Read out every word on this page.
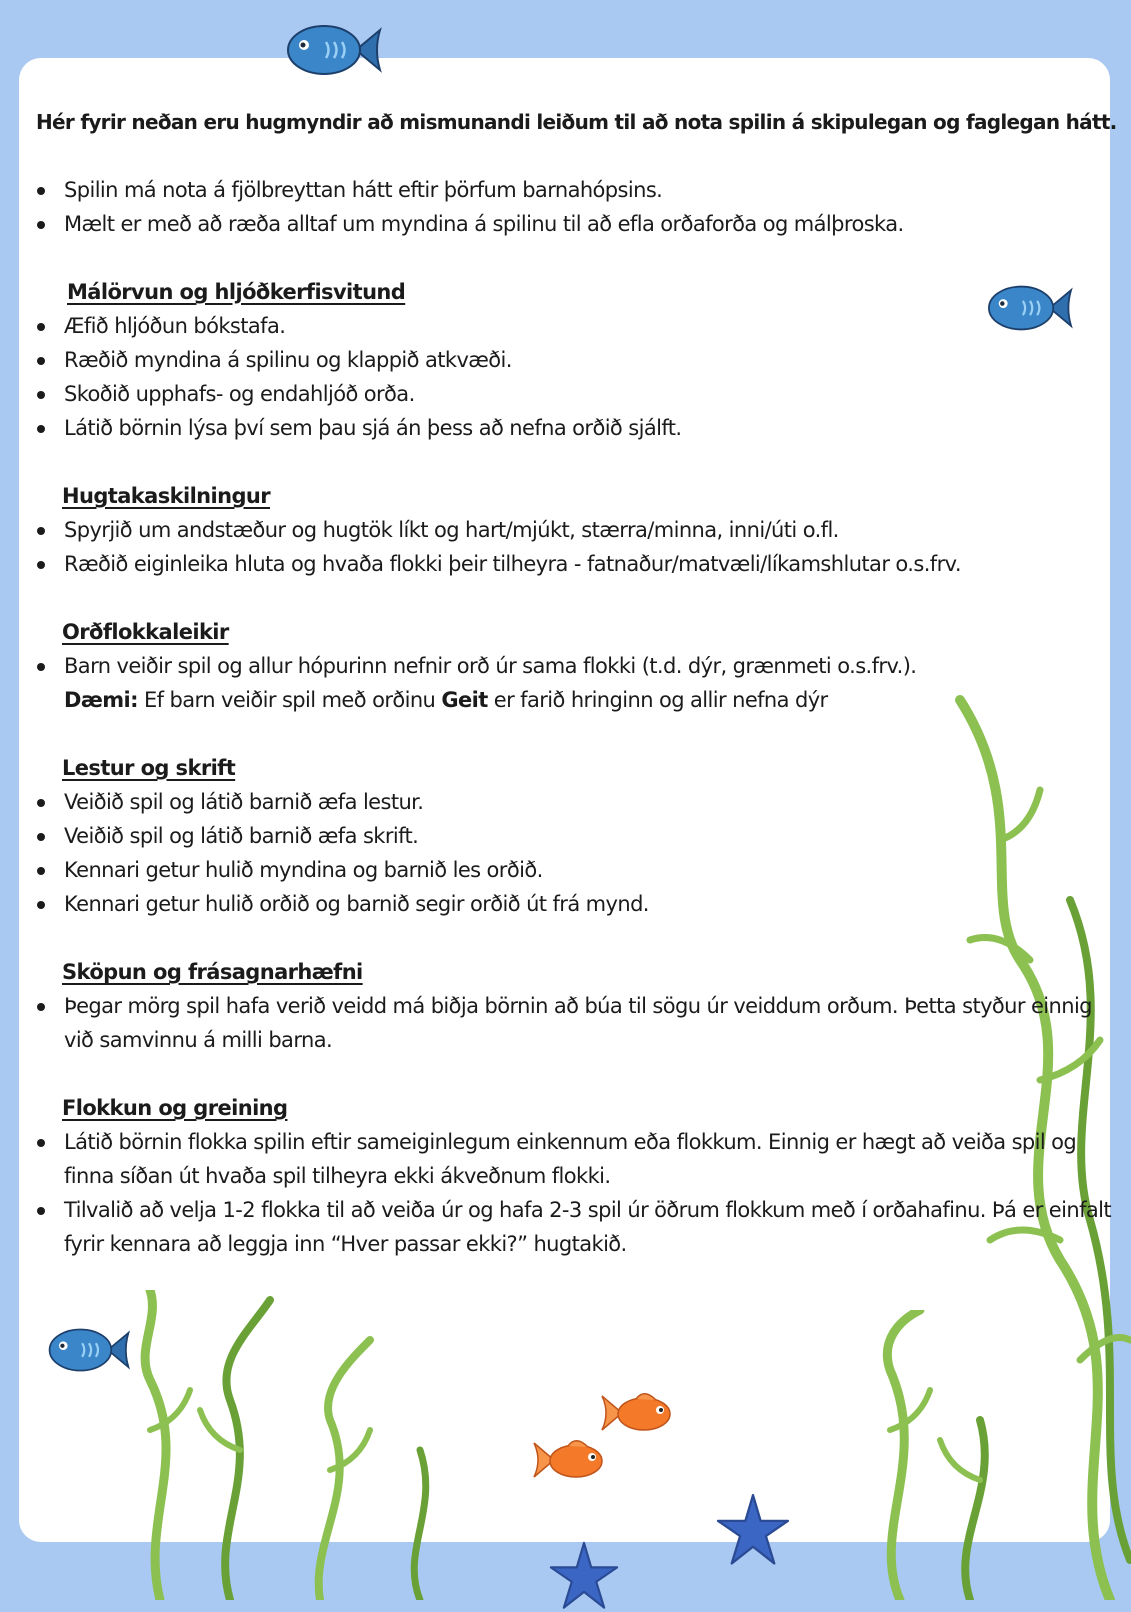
Hér fyrir neðan eru hugmyndir að mismunandi leiðum til að nota spilin á skipulegan og faglegan hátt.

Spilin má nota á fjölbreyttan hátt eftir þörfum barnahópsins.
Mælt er með að ræða alltaf um myndina á spilinu til að efla orðaforða og málþroska.

Málörvun og hljóðkerfisvitund

Æfið hljóðun bókstafa.
Ræðið myndina á spilinu og klappið atkvæði.
Skoðið upphafs- og endahljóð orða.
Látið börnin lýsa því sem þau sjá án þess að nefna orðið sjálft.

Hugtakaskilningur

Spyrjið um andstæður og hugtök líkt og hart/mjúkt, stærra/minna, inni/úti o.fl.
Ræðið eiginleika hluta og hvaða flokki þeir tilheyra - fatnaður/matvæli/líkamshlutar o.s.frv.

Orðflokkaleikir

Barn veiðir spil og allur hópurinn nefnir orð úr sama flokki (t.d. dýr, grænmeti o.s.frv.).
Dæmi: Ef barn veiðir spil með orðinu Geit er farið hringinn og allir nefna dýr

Lestur og skrift

Veiðið spil og látið barnið æfa lestur.
Veiðið spil og látið barnið æfa skrift.
Kennari getur hulið myndina og barnið les orðið.
Kennari getur hulið orðið og barnið segir orðið út frá mynd.

Sköpun og frásagnarhæfni

Þegar mörg spil hafa verið veidd má biðja börnin að búa til sögu úr veiddum orðum. Þetta styður einnig við samvinnu á milli barna.

Flokkun og greining

Látið börnin flokka spilin eftir sameiginlegum einkennum eða flokkum. Einnig er hægt að veiða spil og finna síðan út hvaða spil tilheyra ekki ákveðnum flokki.
Tilvalið að velja 1-2 flokka til að veiða úr og hafa 2-3 spil úr öðrum flokkum með í orðahafinu. Þá er einfalt fyrir kennara að leggja inn “Hver passar ekki?” hugtakið.
